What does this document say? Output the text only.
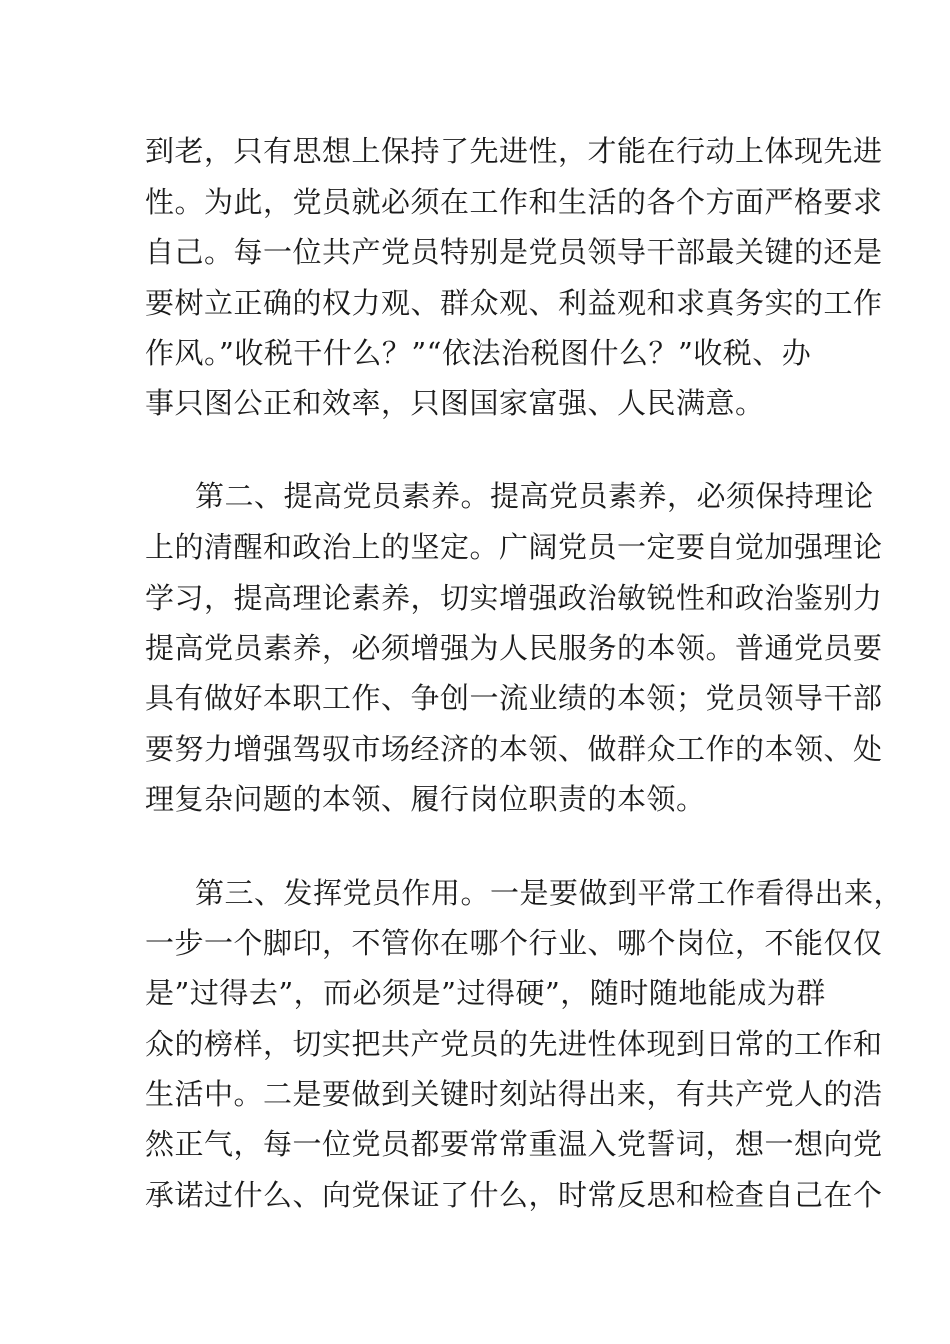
到老，只有思想上保持了先进性，才能在行动上体现先进
性。为此，党员就必须在工作和生活的各个方面严格要求
自己。每一位共产党员特别是党员领导干部最关键的还是
要树立正确的权力观、群众观、利益观和求真务实的工作
作风。”收税干什么？”“依法治税图什么？”收税、办
事只图公正和效率，只图国家富强、人民满意。
第二、提高党员素养。提高党员素养，必须保持理论
上的清醒和政治上的坚定。广阔党员一定要自觉加强理论
学习，提高理论素养，切实增强政治敏锐性和政治鉴别力
提高党员素养，必须增强为人民服务的本领。普通党员要
具有做好本职工作、争创一流业绩的本领；党员领导干部
要努力增强驾驭市场经济的本领、做群众工作的本领、处
理复杂问题的本领、履行岗位职责的本领。
第三、发挥党员作用。一是要做到平常工作看得出来，
一步一个脚印，不管你在哪个行业、哪个岗位，不能仅仅
是”过得去”，而必须是”过得硬”，随时随地能成为群
众的榜样，切实把共产党员的先进性体现到日常的工作和
生活中。二是要做到关键时刻站得出来，有共产党人的浩
然正气，每一位党员都要常常重温入党誓词，想一想向党
承诺过什么、向党保证了什么，时常反思和检查自己在个
